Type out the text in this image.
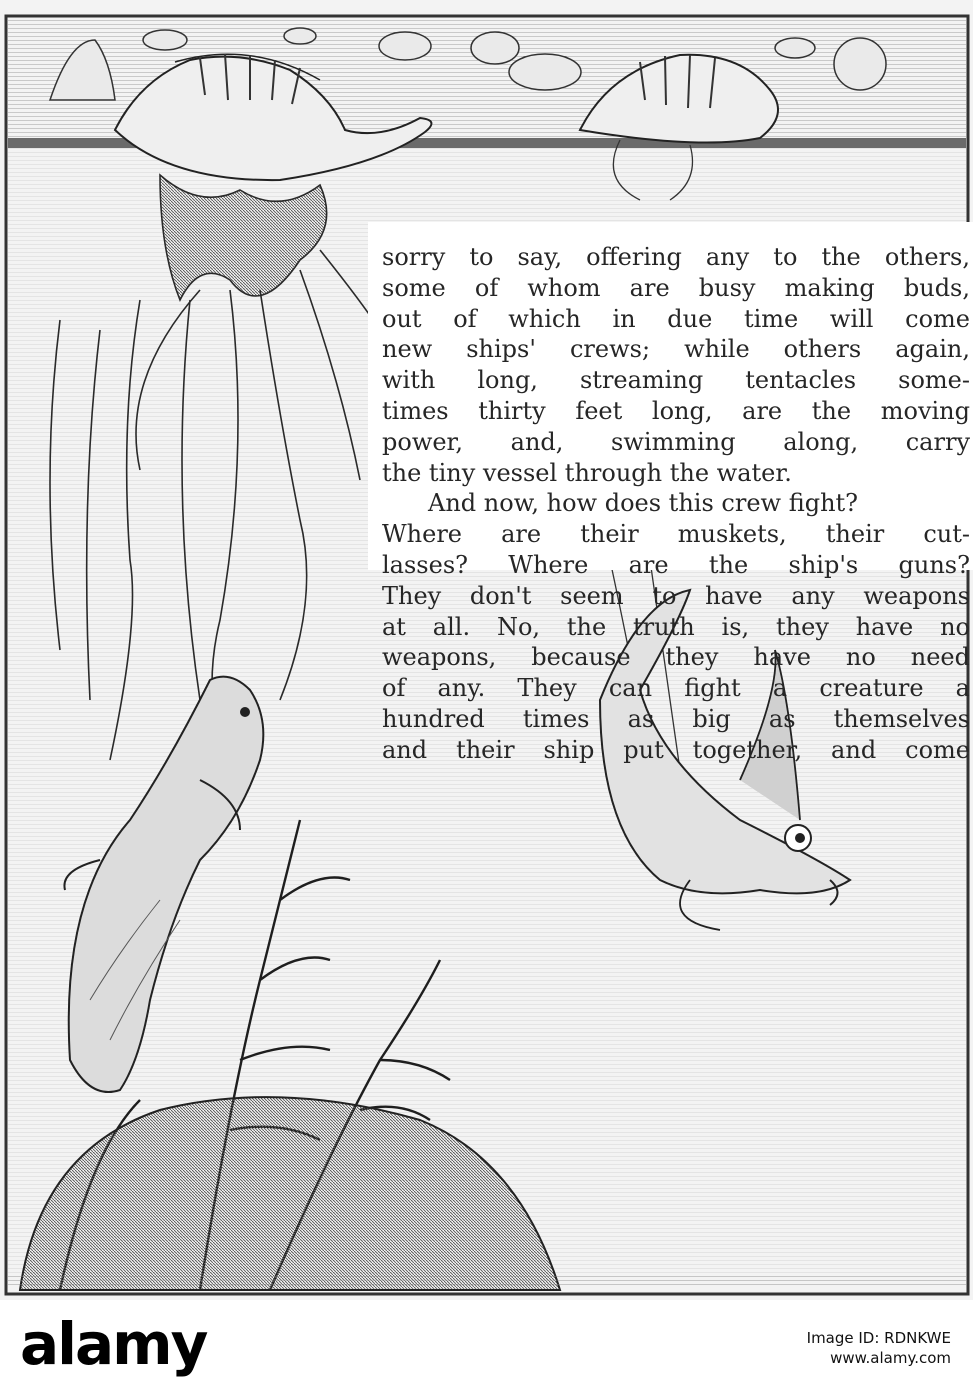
sorry to say, offering any to the others,
some of whom are busy making buds,
out of which in due time will come
new ships' crews; while others again,
with long, streaming tentacles some-
times thirty feet long, are the moving
power, and, swimming along, carry
the tiny vessel through the water.
And now, how does this crew fight?
Where are their muskets, their cut-
lasses? Where are the ship's guns?
They don't seem to have any weapons
at all. No, the truth is, they have no
weapons, because they have no need
of any. They can fight a creature a
hundred times as big as themselves
and their ship put together, and come
alamy	Image ID: RDNKWE
www.alamy.com
